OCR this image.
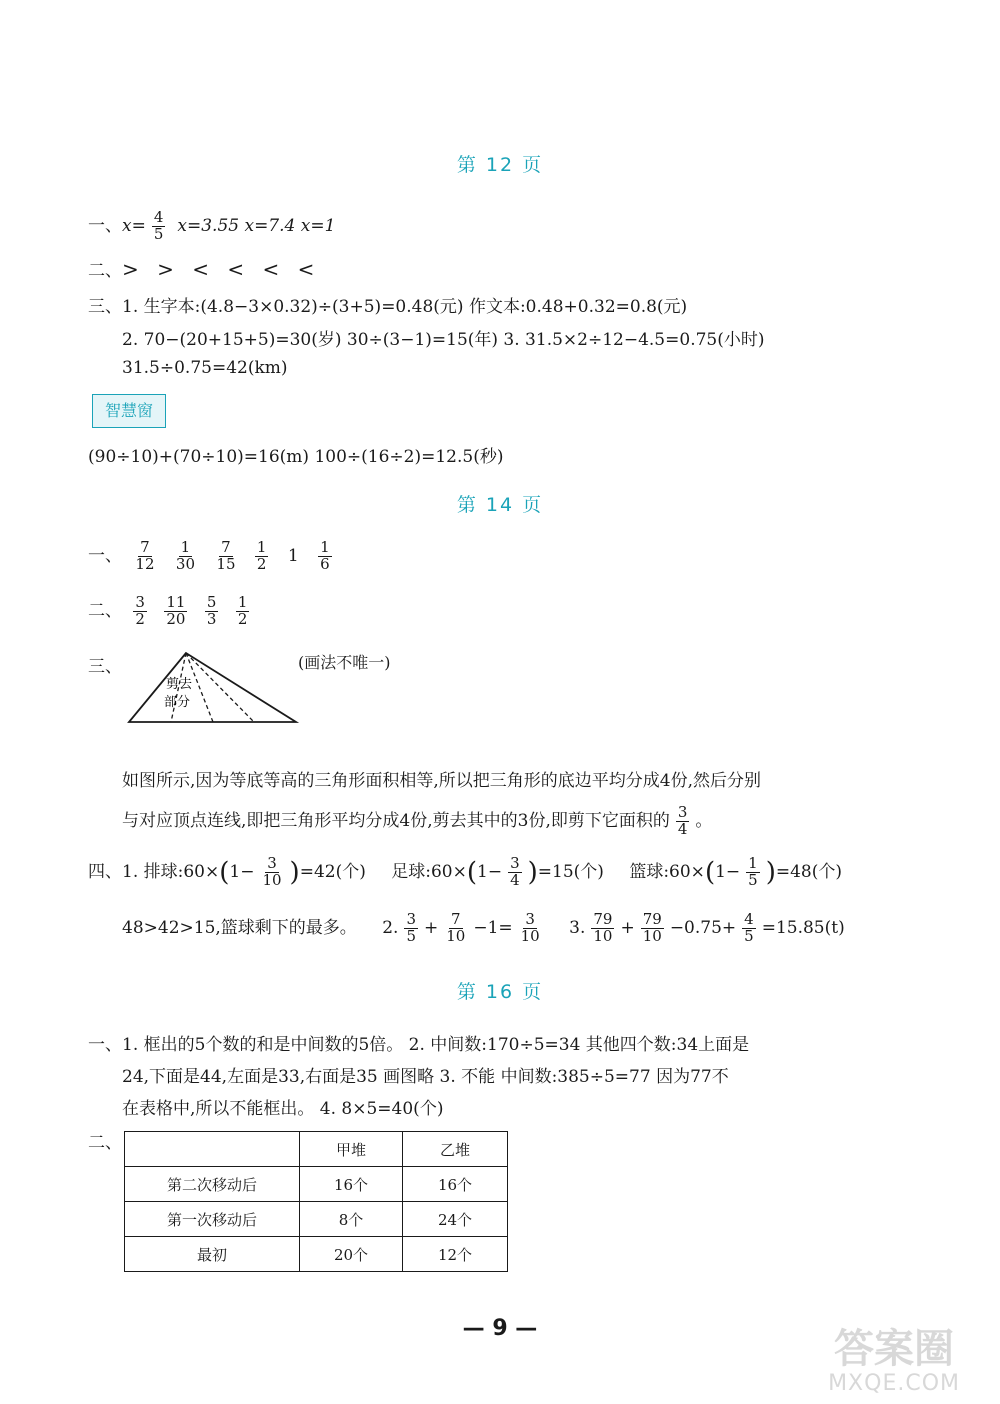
第 12 页
一、$x= \frac{4}{5} x=3.55$ x=7.4 x=1
二、> > < < < <
三、1. 生字本:(4.8−3×0.32)÷(3+5)=0.48(元) 作文本:0.48+0.32=0.8(元)
2. 70−(20+15+5)=30(岁) 30÷(3−1)=15(年) 3. 31.5×2÷12−4.5=0.75(小时)
31.5÷0.75=42(km)
智慧窗
(90÷10)+(70÷10)=16(m) 100÷(16÷2)=12.5(秒)
第 14 页
一、 $\frac{7}{12}$
$\frac{1}{30}$
$\frac{7}{15}$
$\frac{1}{2} 1 \frac{1}{6}$
二、 $\frac{3}{2}$
$\frac{11}{20}$
$\frac{5}{3}$
$\frac{1}{2}$
三、	(画法不唯一)
剪去
部分
如图所示,因为等底等高的三角形面积相等,所以把三角形的底边平均分成4份,然后分别
与对应顶点连线,即把三角形平均分成4份,剪去其中的3份,即剪下它面积的 $\frac{3}{4}$ 。
四、1. 排球:60×(1− $\frac{3}{10} )=42$(个) 足球:60×(1− $\frac{3}{4} )=15$(个) 篮球:60×(1− $\frac{1}{5} )=48$(个)
48>42>15,篮球剩下的最多。 2. $\frac{3}{5} + \frac{7}{10} -1= \frac{3}{10} 3$. $\frac{79}{10} + \frac{79}{10} -0.75+ \frac{4}{5} =15.85(t)$
第 16 页
一、1. 框出的5个数的和是中间数的5倍。 2. 中间数:170÷5=34 其他四个数:34上面是
24,下面是44,左面是33,右面是35 画图略 3. 不能 中间数:385÷5=77 因为77不
在表格中,所以不能框出。 4. 8×5=40(个)
二、
		甲堆	乙堆
第二次移动后	16个	16个
第一次移动后	8个	24个
最初	20个	12个
— 9 —	答案圈
MXQE.COM
